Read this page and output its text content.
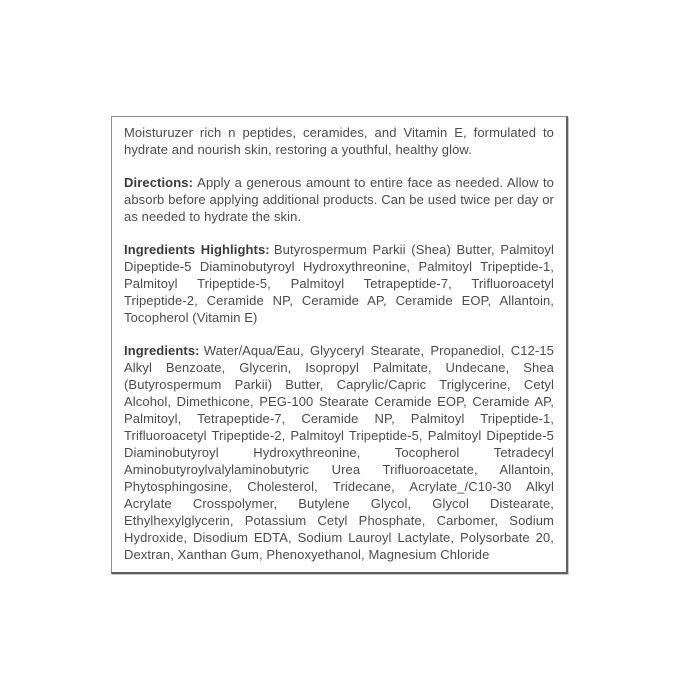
Moisturuzer rich n peptides, ceramides, and Vitamin E, formulated to hydrate and nourish skin, restoring a youthful, healthy glow.

Directions: Apply a generous amount to entire face as needed. Allow to absorb before applying additional products. Can be used twice per day or as needed to hydrate the skin.

Ingredients Highlights: Butyrospermum Parkii (Shea) Butter, Palmitoyl Dipeptide-5 Diaminobutyroyl Hydroxythreonine, Palmitoyl Tripeptide-1, Palmitoyl Tripeptide-5, Palmitoyl Tetrapeptide-7, Trifluoroacetyl Tripeptide-2, Ceramide NP, Ceramide AP, Ceramide EOP, Allantoin, Tocopherol (Vitamin E)

Ingredients: Water/Aqua/Eau, Glyyceryl Stearate, Propanediol, C12-15 Alkyl Benzoate, Glycerin, Isopropyl Palmitate, Undecane, Shea (Butyrospermum Parkii) Butter, Caprylic/Capric Triglycerine, Cetyl Alcohol, Dimethicone, PEG-100 Stearate Ceramide EOP, Ceramide AP, Palmitoyl, Tetrapeptide-7, Ceramide NP, Palmitoyl Tripeptide-1, Trifluoroacetyl Tripeptide-2, Palmitoyl Tripeptide-5, Palmitoyl Dipeptide-5 Diaminobutyroyl Hydroxythreonine, Tocopherol Tetradecyl Aminobutyroylvalylaminobutyric Urea Trifluoroacetate, Allantoin, Phytosphingosine, Cholesterol, Tridecane, Acrylate_/C10-30 Alkyl Acrylate Crosspolymer, Butylene Glycol, Glycol Distearate, Ethylhexylglycerin, Potassium Cetyl Phosphate, Carbomer, Sodium Hydroxide, Disodium EDTA, Sodium Lauroyl Lactylate, Polysorbate 20, Dextran, Xanthan Gum, Phenoxyethanol, Magnesium Chloride
